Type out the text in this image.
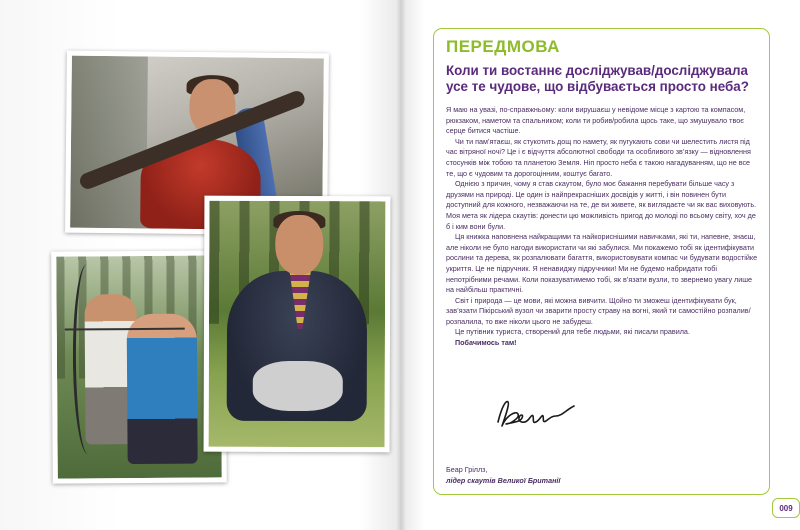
ПЕРЕДМОВА
Коли ти востаннє досліджував/досліджувала усе те чудове, що відбувається просто неба?

Я маю на увазі, по-справжньому: коли вирушаєш у невідоме місце з картою та компасом, рюкзаком, наметом та спальником; коли ти робив/робила щось таке, що змушувало твоє серце битися частіше.

Чи ти пам’ятаєш, як стукотить дощ по намету, як пугукають сови чи шелестить листя під час вітряної ночі? Це і є відчуття абсолютної свободи та особливого зв’язку — відновлення стосунків між тобою та планетою Земля. Ніп просто неба є такою нагадуванням, що не все те, що є чудовим та дорогоцінним, коштує багато.

Однією з причин, чому я став скаутом, було моє бажання перебувати більше часу з друзями на природі. Це один із найпрекрасніших досвідів у житті, і він повинен бути доступний для кожного, незважаючи на те, де ви живете, як виглядаєте чи як вас виховують. Моя мета як лідера скаутів: донести цю можливість пригод до молоді по всьому світу, хоч де б і ким вони були.

Ця книжка наповнена найкращими та найкориснішими навичками, які ти, напевне, знаєш, але ніколи не було нагоди використати чи які забулися. Ми покажемо тобі як ідентифікувати рослини та дерева, як розпалювати багаття, використовувати компас чи будувати водостійке укриття. Це не підручник. Я ненавиджу підручники! Ми не будемо набридати тобі непотрібними речами. Коли показуватимемо тобі, як в’язати вузли, то звернемо увагу лише на найбільш практичні.

Світ і природа — це мови, які можна вивчити. Щойно ти зможеш ідентифікувати бук, зав’язати Пікірський вузол чи зварити просту страву на вогні, який ти самостійно розпалив/розпалила, то вже ніколи цього не забудеш.

Це путівник туриста, створений для тебе людьми, які писали правила.

Побачимось там!

Беар Гріллз,
лідер скаутів Великої Британії
009
